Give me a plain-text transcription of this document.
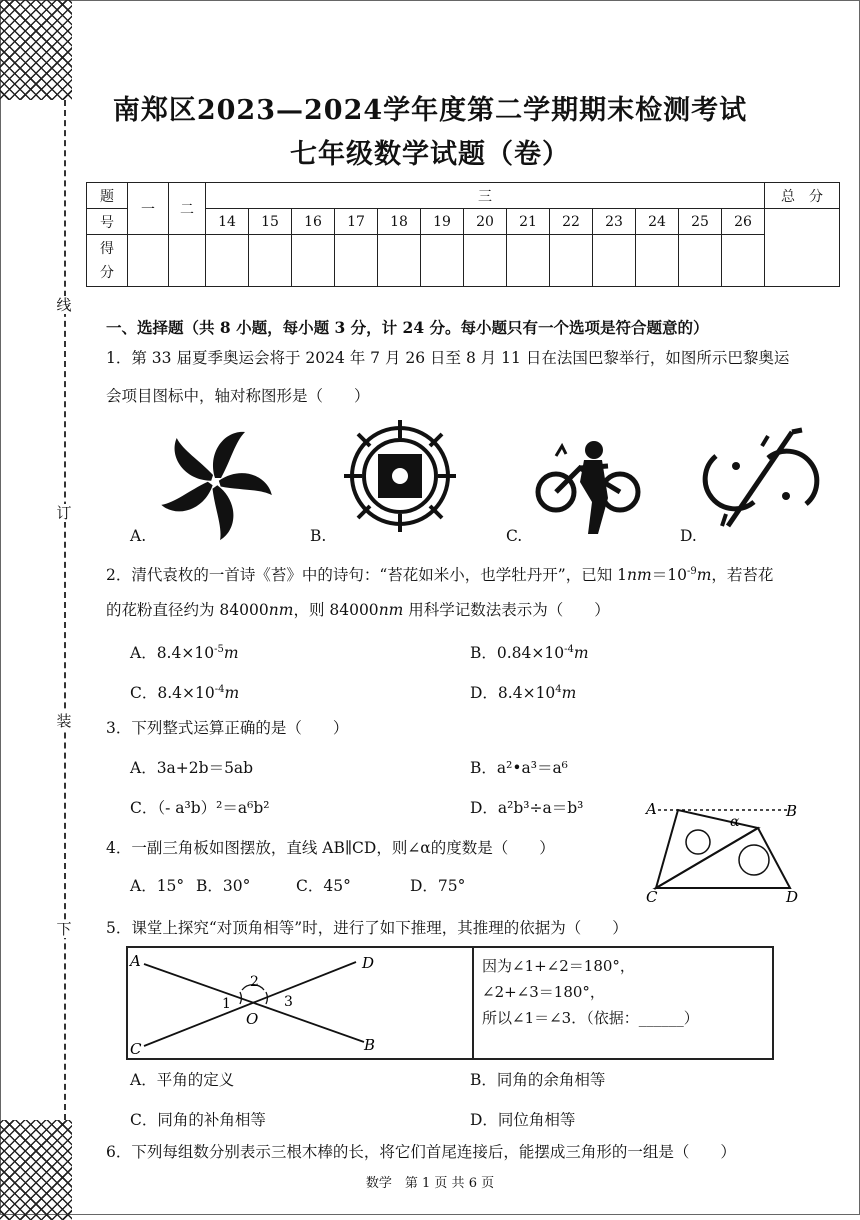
线
订
装
下
南郑区2023—2024学年度第二学期期末检测考试
七年级数学试题（卷）
题	一	二	三													总　分
号			14	15	16	17	18	19	20	21	22	23	24	25	26	
得
分																
一、选择题（共 8 小题，每小题 3 分，计 24 分。每小题只有一个选项是符合题意的）
1．第 33 届夏季奥运会将于 2024 年 7 月 26 日至 8 月 11 日在法国巴黎举行，如图所示巴黎奥运
会项目图标中，轴对称图形是（　　）
A.	B.	C.	D.
2．清代袁枚的一首诗《苔》中的诗句：“苔花如米小，也学牡丹开”，已知 $1nm=10^{-9}m$，若苔花
的花粉直径约为 84000nm，则 84000nm 用科学记数法表示为（　　）
A．$8.4\times 10^{-5}m$	B．$0.84\times 10^{-4}m$
C．$8.4\times 10^{-4}m$	D．$8.4\times 10^4m$
3．下列整式运算正确的是（　　）
A．3a+2b＝5ab	B．a²•a³＝a⁶
C．（- a³b）²＝a⁶b²	D．a²b³÷a＝b³
4．一副三角板如图摆放，直线 AB∥CD，则∠α的度数是（　　）
A．15° B．30°	C．45°	D．75°
A	B
C	D
α
5．课堂上探究“对顶角相等”时，进行了如下推理，其推理的依据为（　　）
A	D
C	B
O
1
2
3
因为∠1+∠2＝180°，
∠2+∠3＝180°，
所以∠1＝∠3．（依据：______）
A．平角的定义	B．同角的余角相等
C．同角的补角相等	D．同位角相等
6．下列每组数分别表示三根木棒的长，将它们首尾连接后，能摆成三角形的一组是（　　）
数学　第 1 页 共 6 页
